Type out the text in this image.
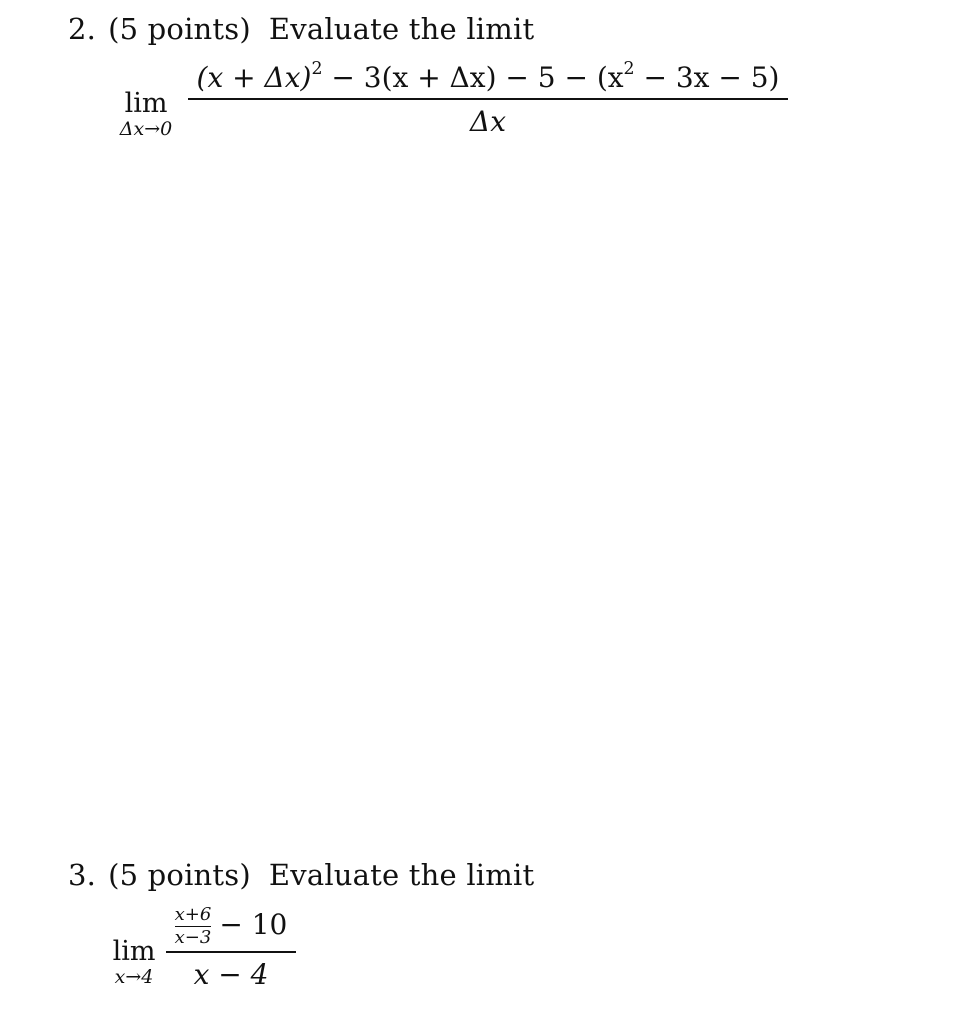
2. (5 points) Evaluate the limit
lim
Δx→0
$(x + \Delta x)^2 - 3(x + \Delta x) - 5 - (x^2 - 3x - 5)$
Δx
3. (5 points) Evaluate the limit
lim
x→4
$\frac{x+6}{x-3} - 10$
x − 4
